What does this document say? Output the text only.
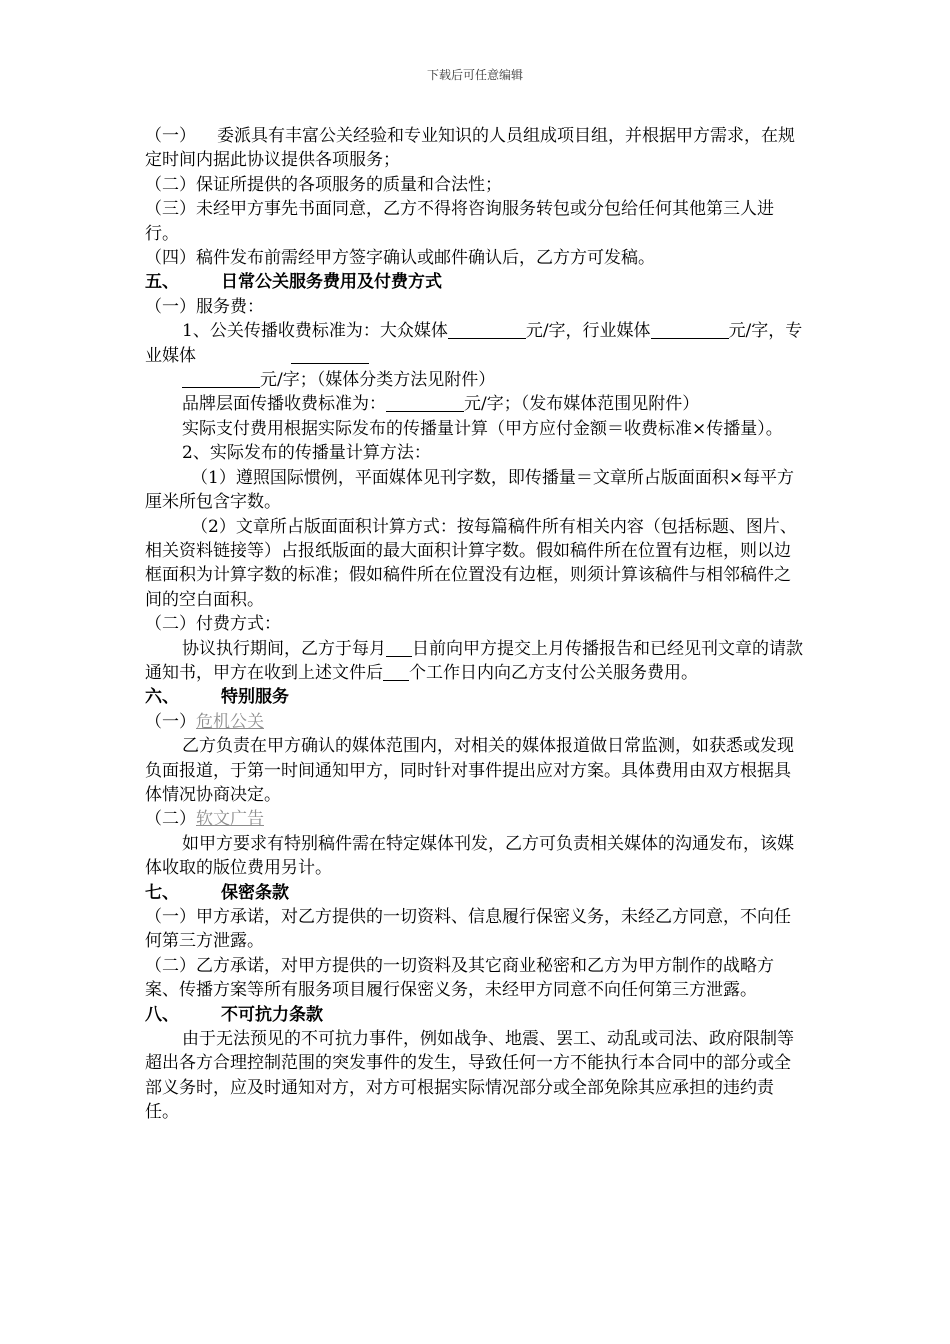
下载后可任意编辑

（一） 委派具有丰富公关经验和专业知识的人员组成项目组，并根据甲方需求，在规定时间内据此协议提供各项服务；

（二）保证所提供的各项服务的质量和合法性；

（三）未经甲方事先书面同意，乙方不得将咨询服务转包或分包给任何其他第三人进行。

（四）稿件发布前需经甲方签字确认或邮件确认后，乙方方可发稿。

五、 日常公关服务费用及付费方式

（一）服务费：

1、公关传播收费标准为：大众媒体	元/字，行业媒体	元/字，专业媒体

元/字；（媒体分类方法见附件）

品牌层面传播收费标准为：	元/字；（发布媒体范围见附件）

实际支付费用根据实际发布的传播量计算（甲方应付金额＝收费标准×传播量）。

2、实际发布的传播量计算方法：

（1）遵照国际惯例，平面媒体见刊字数，即传播量＝文章所占版面面积×每平方厘米所包含字数。

（2）文章所占版面面积计算方式：按每篇稿件所有相关内容（包括标题、图片、相关资料链接等）占报纸版面的最大面积计算字数。假如稿件所在位置有边框，则以边框面积为计算字数的标准；假如稿件所在位置没有边框，则须计算该稿件与相邻稿件之间的空白面积。

（二）付费方式：

协议执行期间，乙方于每月 日前向甲方提交上月传播报告和已经见刊文章的请款通知书，甲方在收到上述文件后 个工作日内向乙方支付公关服务费用。

六、 特别服务

（一）危机公关

乙方负责在甲方确认的媒体范围内，对相关的媒体报道做日常监测，如获悉或发现负面报道，于第一时间通知甲方，同时针对事件提出应对方案。具体费用由双方根据具体情况协商决定。

（二）软文广告

如甲方要求有特别稿件需在特定媒体刊发，乙方可负责相关媒体的沟通发布，该媒体收取的版位费用另计。

七、 保密条款

（一）甲方承诺，对乙方提供的一切资料、信息履行保密义务，未经乙方同意，不向任何第三方泄露。

（二）乙方承诺，对甲方提供的一切资料及其它商业秘密和乙方为甲方制作的战略方案、传播方案等所有服务项目履行保密义务，未经甲方同意不向任何第三方泄露。

八、 不可抗力条款

由于无法预见的不可抗力事件，例如战争、地震、罢工、动乱或司法、政府限制等超出各方合理控制范围的突发事件的发生，导致任何一方不能执行本合同中的部分或全部义务时，应及时通知对方，对方可根据实际情况部分或全部免除其应承担的违约责任。
